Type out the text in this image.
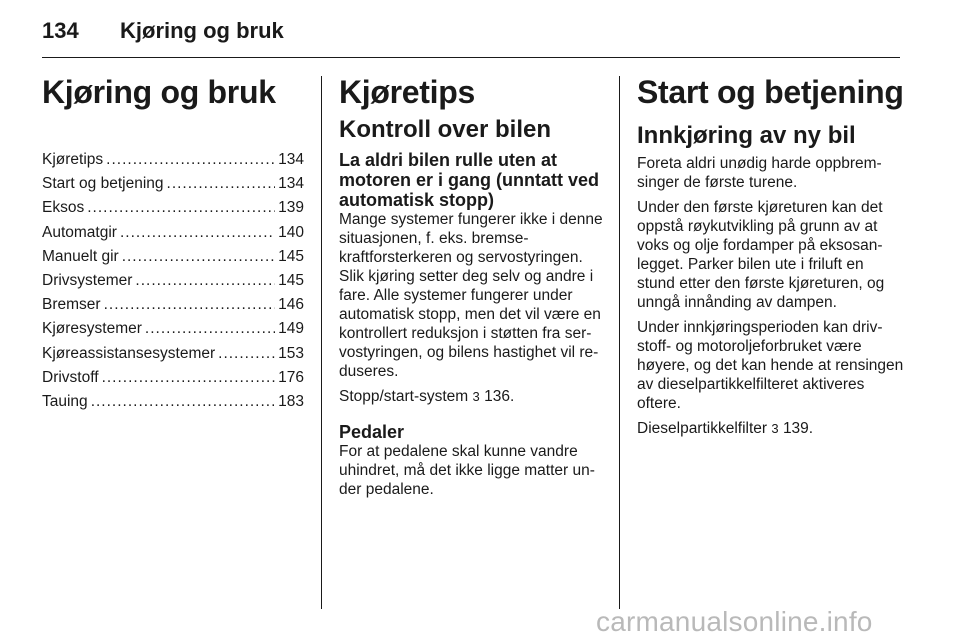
134 Kjøring og bruk
Kjøring og bruk
Kjøretips .....	134
Start og betjening .....	134
Eksos .....	139
Automatgir .....	140
Manuelt gir .....	145
Drivsystemer .....	145
Bremser .....	146
Kjøresystemer .....	149
Kjøreassistansesystemer .....	153
Drivstoff .....	176
Tauing .....	183
Kjøretips
Kontroll over bilen
La aldri bilen rulle uten at motoren er i gang (unntatt ved automatisk stopp)

Mange systemer fungerer ikke i denne situasjonen, f. eks. bremsekraftforsterkeren og servostyringen. Slik kjøring setter deg selv og andre i fare. Alle systemer fungerer under automatisk stopp, men det vil være en kontrollert reduksjon i støtten fra servostyringen, og bilens hastighet vil reduseres.

Stopp/start-system 3 136.

Pedaler

For at pedalene skal kunne vandre uhindret, må det ikke ligge matter under pedalene.

Start og betjening
Innkjøring av ny bil

Foreta aldri unødig harde oppbremsinger de første turene.

Under den første kjøreturen kan det oppstå røykutvikling på grunn av at voks og olje fordamper på eksosanlegget. Parker bilen ute i friluft en stund etter den første kjøreturen, og unngå innånding av dampen.

Under innkjøringsperioden kan drivstoff- og motoroljeforbruket være høyere, og det kan hende at rensingen av dieselpartikkelfilteret aktiveres oftere.

Dieselpartikkelfilter 3 139.

carmanualsonline.info
